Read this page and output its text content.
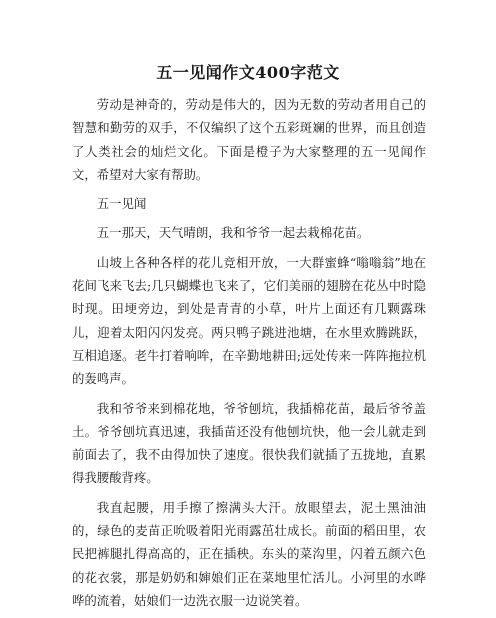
五一见闻作文400字范文

劳动是神奇的，劳动是伟大的，因为无数的劳动者用自己的智慧和勤劳的双手，不仅编织了这个五彩斑斓的世界，而且创造了人类社会的灿烂文化。下面是橙子为大家整理的五一见闻作文，希望对大家有帮助。

五一见闻

五一那天，天气晴朗，我和爷爷一起去栽棉花苗。

山坡上各种各样的花儿竞相开放，一大群蜜蜂“嗡嗡翁”地在花间飞来飞去;几只蝴蝶也飞来了，它们美丽的翅膀在花丛中时隐时现。田埂旁边，到处是青青的小草，叶片上面还有几颗露珠儿，迎着太阳闪闪发亮。两只鸭子跳进池塘，在水里欢腾跳跃，互相追逐。老牛打着响哞，在辛勤地耕田;远处传来一阵阵拖拉机的轰鸣声。

我和爷爷来到棉花地，爷爷刨坑，我插棉花苗，最后爷爷盖土。爷爷刨坑真迅速，我插苗还没有他刨坑快，他一会儿就走到前面去了，我不由得加快了速度。很快我们就插了五拢地，直累得我腰酸背疼。

我直起腰，用手擦了擦满头大汗。放眼望去，泥土黑油油的，绿色的麦苗正吮吸着阳光雨露茁壮成长。前面的稻田里，农民把裤腿扎得高高的，正在插秧。东头的菜沟里，闪着五颜六色的花衣裳，那是奶奶和婶娘们正在菜地里忙活儿。小河里的水哗哗的流着，姑娘们一边洗衣服一边说笑着。
